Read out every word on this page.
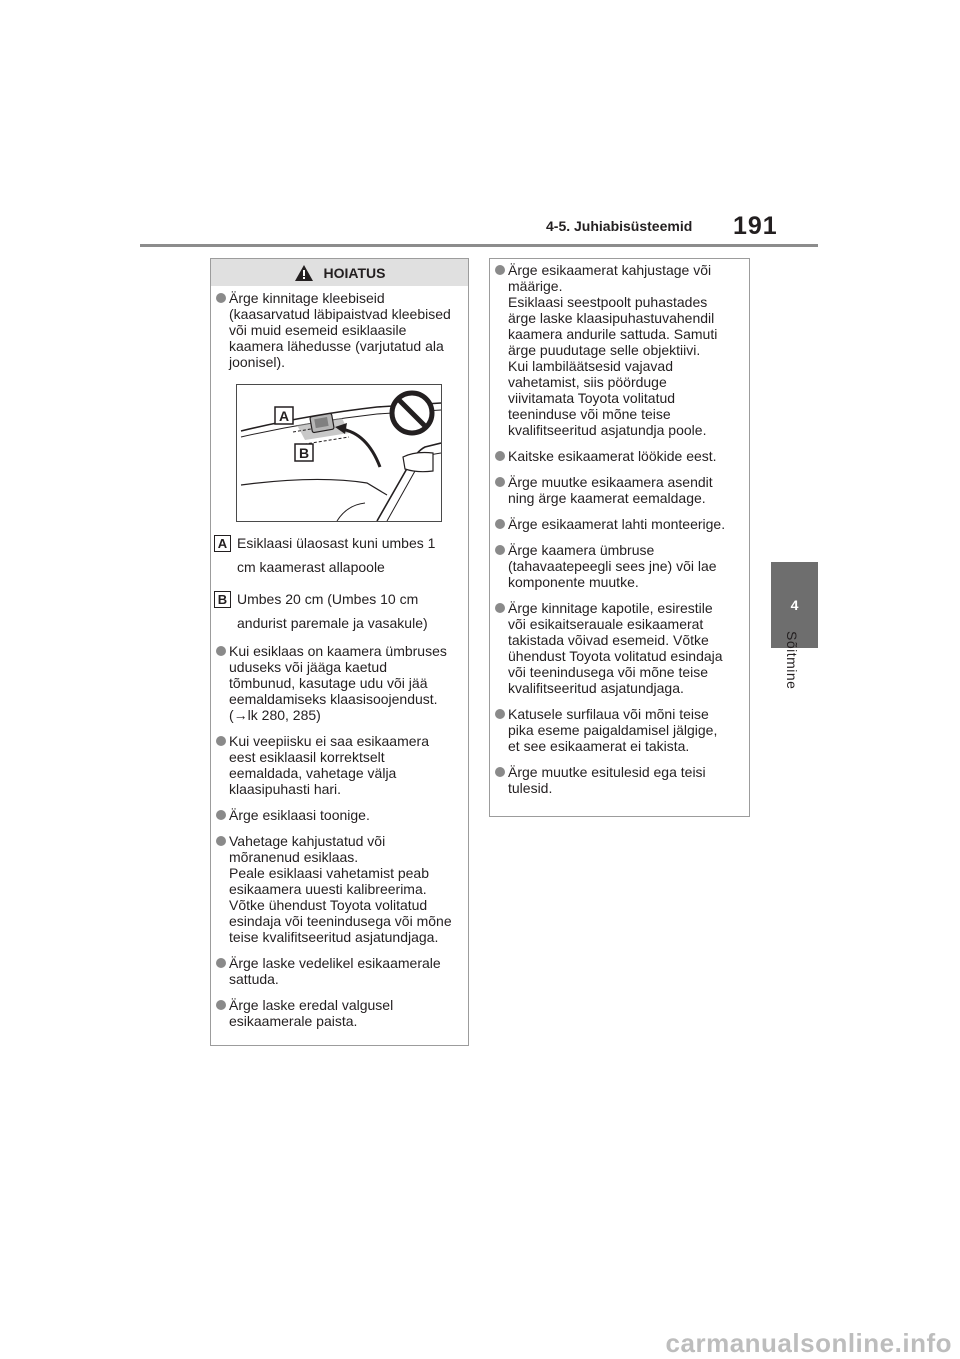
4-5. Juhiabisüsteemid 191
4
Sõitmine
HOIATUS
Ärge kinnitage kleebiseid
(kaasarvatud läbipaistvad kleebised
või muid esemeid esiklaasile
kaamera lähedusse (varjutatud ala
joonisel).
A
B
A Esiklaasi ülaosast kuni umbes 1
cm kaamerast allapoole
B Umbes 20 cm (Umbes 10 cm
andurist paremale ja vasakule)
Kui esiklaas on kaamera ümbruses
uduseks või jääga kaetud
tõmbunud, kasutage udu või jää
eemaldamiseks klaasisoojendust.
(→lk 280, 285)
Kui veepiisku ei saa esikaamera
eest esiklaasil korrektselt
eemaldada, vahetage välja
klaasipuhasti hari.
Ärge esiklaasi toonige.
Vahetage kahjustatud või
mõranenud esiklaas.
Peale esiklaasi vahetamist peab
esikaamera uuesti kalibreerima.
Võtke ühendust Toyota volitatud
esindaja või teenindusega või mõne
teise kvalifitseeritud asjatundjaga.
Ärge laske vedelikel esikaamerale
sattuda.
Ärge laske eredal valgusel
esikaamerale paista.
Ärge esikaamerat kahjustage või
määrige.
Esiklaasi seestpoolt puhastades
ärge laske klaasipuhastuvahendil
kaamera andurile sattuda. Samuti
ärge puudutage selle objektiivi.
Kui lambiläätsesid vajavad
vahetamist, siis pöörduge
viivitamata Toyota volitatud
teeninduse või mõne teise
kvalifitseeritud asjatundja poole.
Kaitske esikaamerat löökide eest.
Ärge muutke esikaamera asendit
ning ärge kaamerat eemaldage.
Ärge esikaamerat lahti monteerige.
Ärge kaamera ümbruse
(tahavaatepeegli sees jne) või lae
komponente muutke.
Ärge kinnitage kapotile, esirestile
või esikaitserauale esikaamerat
takistada võivad esemeid. Võtke
ühendust Toyota volitatud esindaja
või teenindusega või mõne teise
kvalifitseeritud asjatundjaga.
Katusele surfilaua või mõni teise
pika eseme paigaldamisel jälgige,
et see esikaamerat ei takista.
Ärge muutke esitulesid ega teisi
tulesid.
carmanualsonline.info
